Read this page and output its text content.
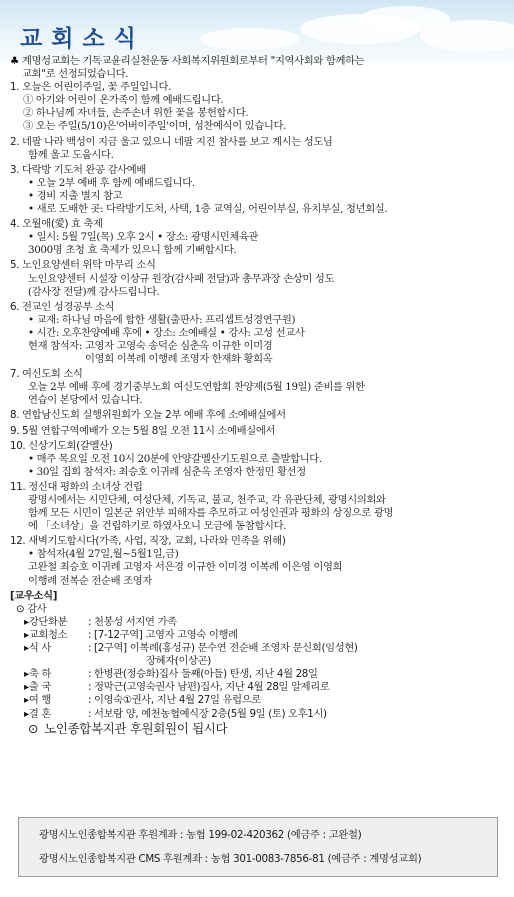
교회소식

♣ 계명성교회는 기독교윤리실천운동 사회복지위원회로부터 "지역사회와 함께하는
교회"로 선정되었습니다.

1. 오늘은 어린이주일, 꽃 주일입니다.

① 아기와 어린이 온가족이 함께 예배드립니다.

② 하나님께 자녀들, 손주손녀 위한 꽃을 봉헌합시다.

③ 오는 주일(5/10)은'어버이주일'이며, 성찬예식이 있습니다.

2. 네팔 나라 백성이 지금 울고 있으니 네팔 지진 참사를 보고 계시는 성도님

함께 울고 도웁시다.

3. 다락방 기도처 완공 감사예배

• 오늘 2부 예배 후 함께 예배드립니다.

• 경비 지출 별지 참고

• 새로 도배한 곳: 다락방기도처, 사택, 1층 교역실, 어린이부실, 유치부실, 청년회실.

4. 오월애(愛) 효 축제

• 일시: 5월 7일(목) 오후 2시 • 장소: 광명시민체육관

3000명 초청 효 축제가 있으니 함께 기뻐합시다.

5. 노인요양센터 위탁 마무리 소식

노인요양센터 시설장 이상규 원장(감사패 전달)과 총무과장 손상미 성도

(감사장 전달)께 감사드립니다.

6. 전교인 성경공부 소식

• 교재: 하나님 마음에 합한 생활(출판사: 프리셉트성경연구원)

• 시간: 오후찬양예배 후에 • 장소: 소예배실 • 강사: 고성 선교사

현재 참석자: 고영자 고영숙 송덕순 심춘옥 이규한 이미경

이영희 이복례 이행례 조영자 한재화 황희옥

7. 여신도회 소식

오늘 2부 예배 후에 경기중부노회 여신도연합회 찬양제(5월 19일) 준비를 위한

연습이 본당에서 있습니다.

8. 연합남신도회 실행위원회가 오늘 2부 예배 후에 소예배실에서

9. 5월 연합구역예배가 오는 5월 8일 오전 11시 소예배실에서

10. 신상기도회(갈멜산)

• 매주 목요일 오전 10시 20분에 안양갈멜산기도원으로 출발합니다.

• 30일 집회 참석자: 최승호 이귀례 심춘옥 조영자 한정민 황선정

11. 정신대 평화의 소녀상 건립

광명시에서는 시민단체, 여성단체, 기독교, 불교, 천주교, 각 유관단체, 광명시의회와

함께 모든 시민이 일본군 위안부 피해자를 추모하고 여성인권과 평화의 상징으로 광명

에 「소녀상」을 건립하기로 하였사오니 모금에 동참합시다.

12. 새벽기도합시다(가족, 사업, 직장, 교회, 나라와 민족을 위해)

• 참석자(4월 27일,월~5월1일,금)

고완철 최승호 이귀례 고영자 서은경 이규한 이미경 이복례 이은영 이영희

이행례 전복순 전순배 조영자

[교우소식]

⊙ 감사

▸강단화분 : 천봉성 서지연 가족

▸교회청소 : [7-12구역] 고영자 고영숙 이행례

▸식 사	: [2구역] 이복례(홍성규) 문수연 전순배 조영자 문신희(임성현)

장혜자(이상곤)

▸축 하	: 한병관(정승화)집사 둘째(아들) 탄생, 지난 4월 28일

▸출 국	: 정막근(고영숙권사 남편)집사, 지난 4월 28일 알제리로

▸여 행	: 이영숙①권사, 지난 4월 27일 유럽으로

▸결 혼	: 서보람 양, 예천농협예식장 2층(5월 9일 (토) 오후1시)

⊙ 노인종합복지관 후원회원이 됩시다

광명시노인종합복지관 후원계좌 : 농협 199-02-420362 (예금주 : 고완철)

광명시노인종합복지관 CMS 후원계좌 : 농협 301-0083-7856-81 (예금주 : 계명성교회)
